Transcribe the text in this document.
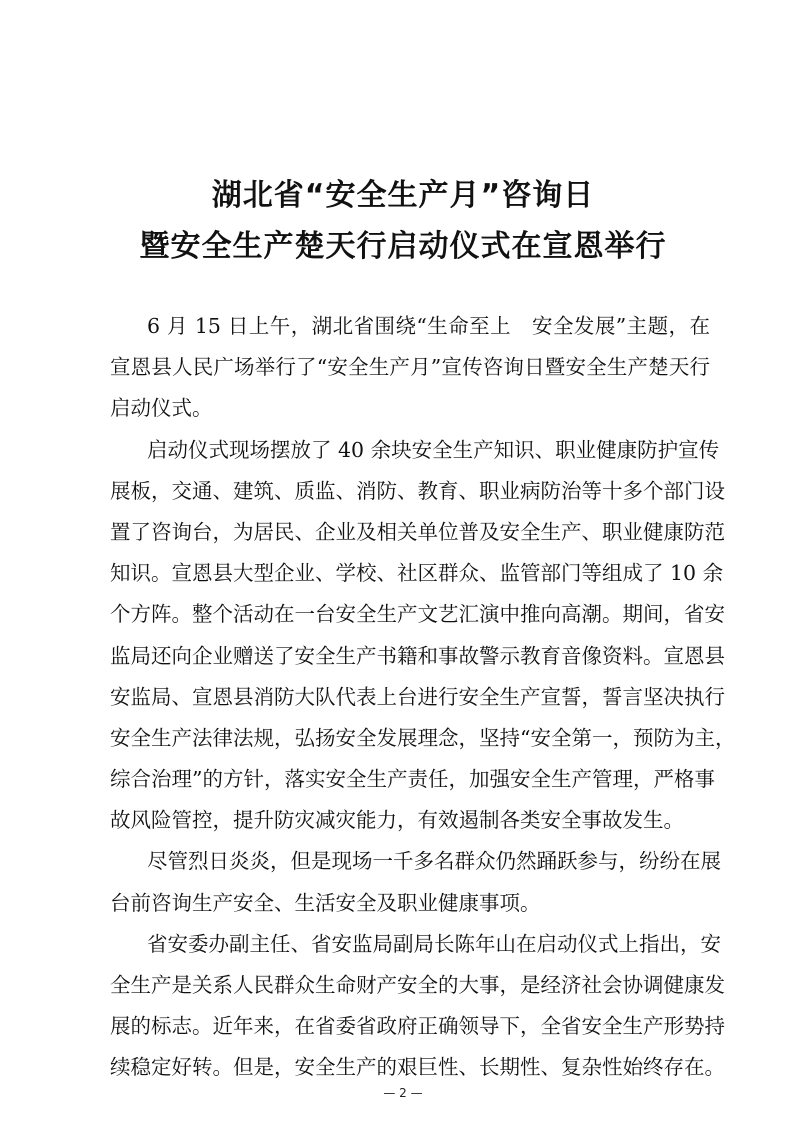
湖北省“安全生产月”咨询日
暨安全生产楚天行启动仪式在宣恩举行
6 月 15 日上午，湖北省围绕“生命至上　安全发展”主题，在
宣恩县人民广场举行了“安全生产月”宣传咨询日暨安全生产楚天行
启动仪式。
启动仪式现场摆放了 40 余块安全生产知识、职业健康防护宣传
展板，交通、建筑、质监、消防、教育、职业病防治等十多个部门设
置了咨询台，为居民、企业及相关单位普及安全生产、职业健康防范
知识。宣恩县大型企业、学校、社区群众、监管部门等组成了 10 余
个方阵。整个活动在一台安全生产文艺汇演中推向高潮。期间，省安
监局还向企业赠送了安全生产书籍和事故警示教育音像资料。宣恩县
安监局、宣恩县消防大队代表上台进行安全生产宣誓，誓言坚决执行
安全生产法律法规，弘扬安全发展理念，坚持“安全第一，预防为主，
综合治理”的方针，落实安全生产责任，加强安全生产管理，严格事
故风险管控，提升防灾减灾能力，有效遏制各类安全事故发生。
尽管烈日炎炎，但是现场一千多名群众仍然踊跃参与，纷纷在展
台前咨询生产安全、生活安全及职业健康事项。
省安委办副主任、省安监局副局长陈年山在启动仪式上指出，安
全生产是关系人民群众生命财产安全的大事，是经济社会协调健康发
展的标志。近年来，在省委省政府正确领导下，全省安全生产形势持
续稳定好转。但是，安全生产的艰巨性、长期性、复杂性始终存在。
— 2 —
